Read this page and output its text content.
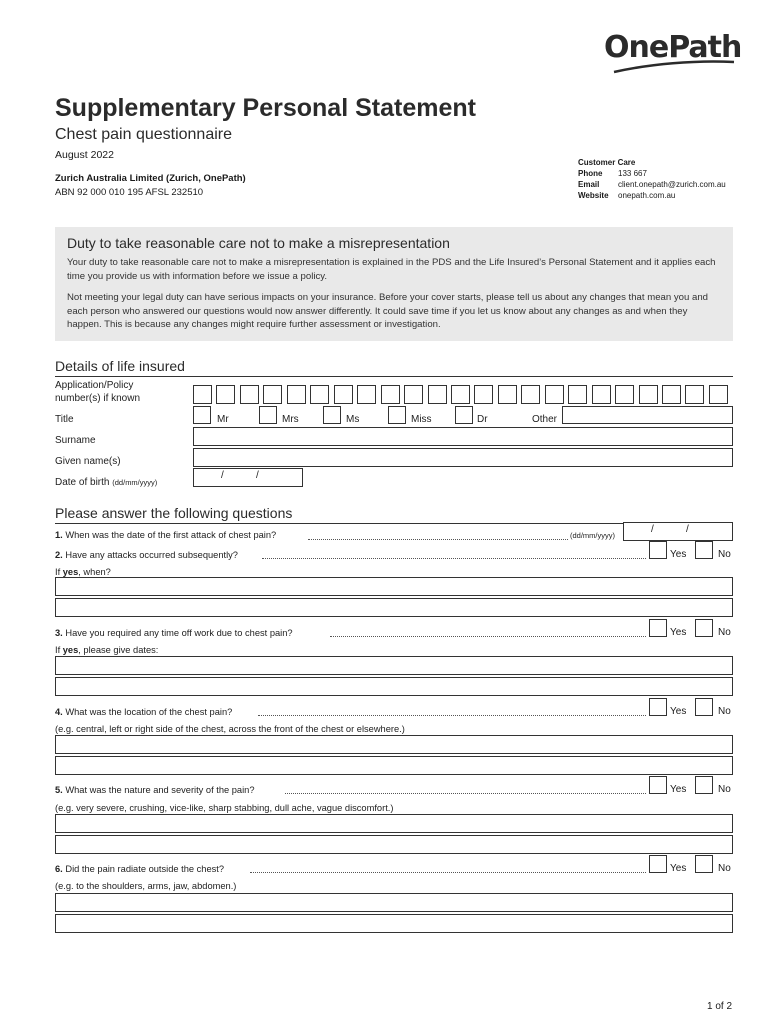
OnePath
Supplementary Personal Statement
Chest pain questionnaire
August 2022
Zurich Australia Limited (Zurich, OnePath)
ABN 92 000 010 195 AFSL 232510
Customer Care
Phone 133 667
Email client.onepath@zurich.com.au
Website onepath.com.au
Duty to take reasonable care not to make a misrepresentation
Your duty to take reasonable care not to make a misrepresentation is explained in the PDS and the Life Insured’s Personal Statement and it applies each time you provide us with information before we issue a policy.
Not meeting your legal duty can have serious impacts on your insurance. Before your cover starts, please tell us about any changes that mean you and each person who answered our questions would now answer differently. It could save time if you let us know about any changes as and when they happen. This is because any changes might require further assessment or investigation.
Details of life insured
Application/Policy number(s) if known
Title	Mr	Mrs	Ms	Miss	Dr	Other
Surname
Given name(s)
Date of birth (dd/mm/yyyy)
/	/
Please answer the following questions
1. When was the date of the first attack of chest pain?	(dd/mm/yyyy)
/	/
2. Have any attacks occurred subsequently?	Yes	No
If yes, when?
3. Have you required any time off work due to chest pain?	Yes	No
If yes, please give dates:
4. What was the location of the chest pain?	Yes	No
(e.g. central, left or right side of the chest, across the front of the chest or elsewhere.)
5. What was the nature and severity of the pain?	Yes	No
(e.g. very severe, crushing, vice-like, sharp stabbing, dull ache, vague discomfort.)
6. Did the pain radiate outside the chest?	Yes	No
(e.g. to the shoulders, arms, jaw, abdomen.)
1 of 2
